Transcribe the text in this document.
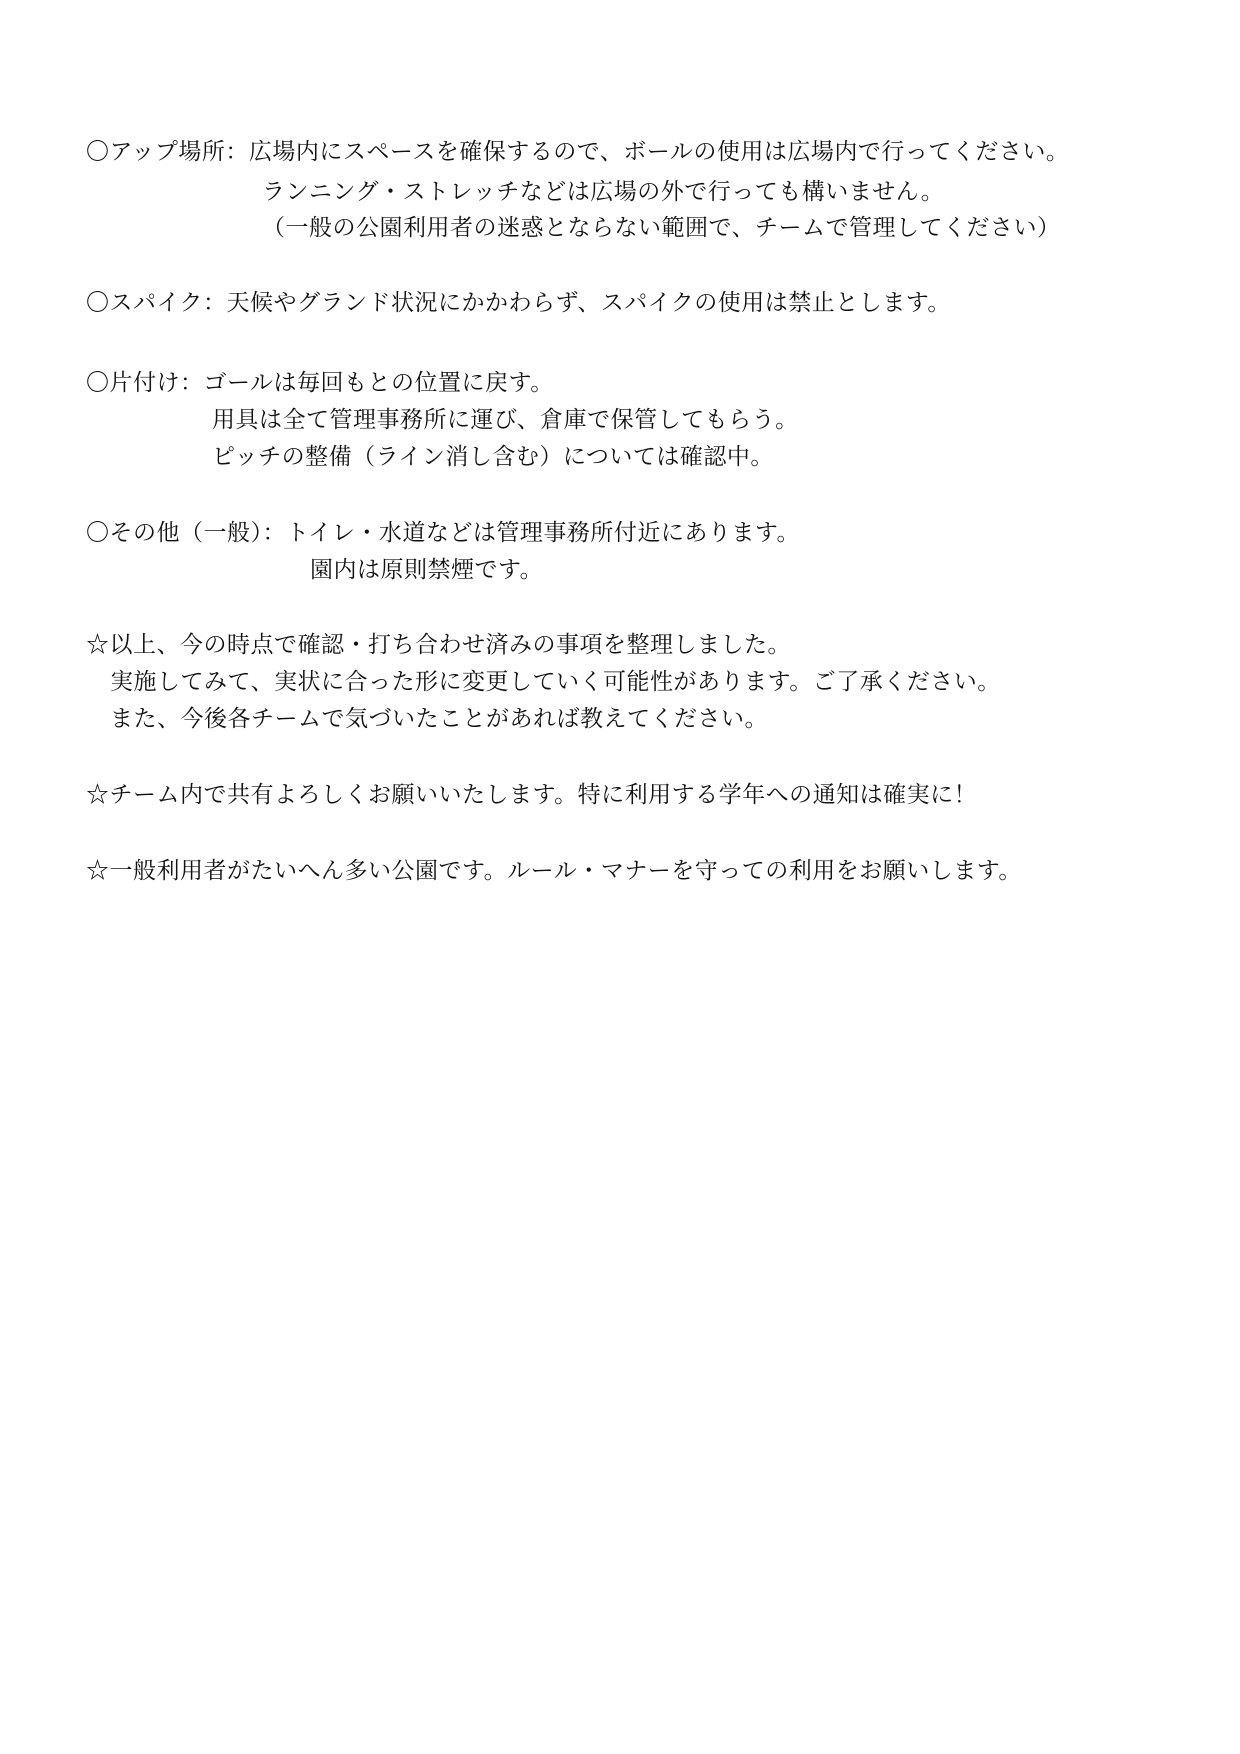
〇アップ場所：広場内にスペースを確保するので、ボールの使用は広場内で行ってください。
ランニング・ストレッチなどは広場の外で行っても構いません。
（一般の公園利用者の迷惑とならない範囲で、チームで管理してください）
〇スパイク：天候やグランド状況にかかわらず、スパイクの使用は禁止とします。
〇片付け：ゴールは毎回もとの位置に戻す。
用具は全て管理事務所に運び、倉庫で保管してもらう。
ピッチの整備（ライン消し含む）については確認中。
〇その他（一般）：トイレ・水道などは管理事務所付近にあります。
園内は原則禁煙です。
☆以上、今の時点で確認・打ち合わせ済みの事項を整理しました。
実施してみて、実状に合った形に変更していく可能性があります。ご了承ください。
また、今後各チームで気づいたことがあれば教えてください。
☆チーム内で共有よろしくお願いいたします。特に利用する学年への通知は確実に！
☆一般利用者がたいへん多い公園です。ルール・マナーを守っての利用をお願いします。
